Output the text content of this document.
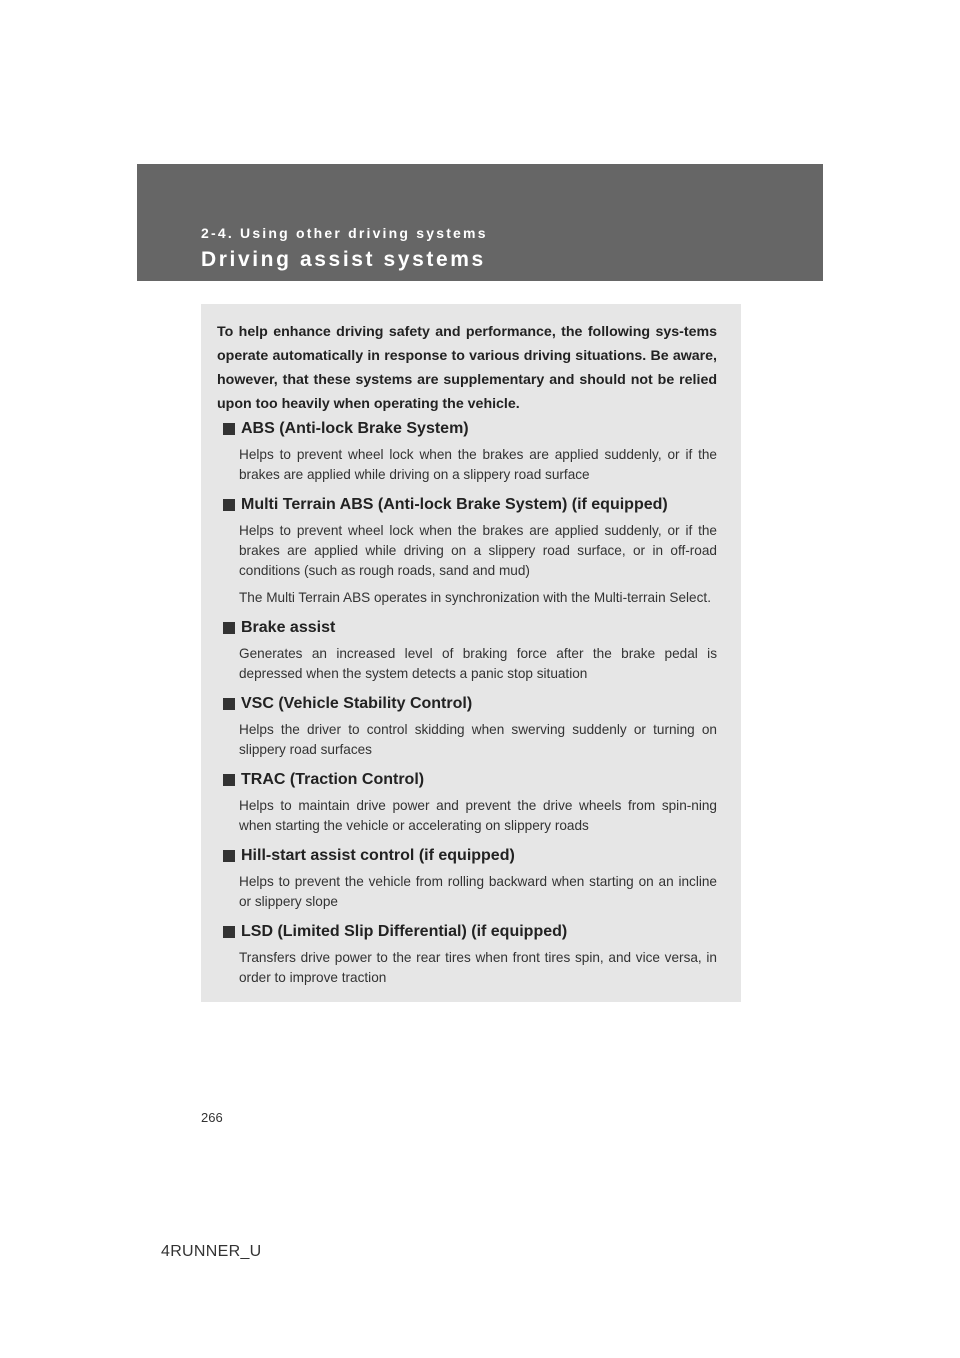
2-4. Using other driving systems
Driving assist systems
To help enhance driving safety and performance, the following sys-tems operate automatically in response to various driving situations. Be aware, however, that these systems are supplementary and should not be relied upon too heavily when operating the vehicle.
ABS (Anti-lock Brake System)

Helps to prevent wheel lock when the brakes are applied suddenly, or if the brakes are applied while driving on a slippery road surface

Multi Terrain ABS (Anti-lock Brake System) (if equipped)

Helps to prevent wheel lock when the brakes are applied suddenly, or if the brakes are applied while driving on a slippery road surface, or in off-road conditions (such as rough roads, sand and mud)

The Multi Terrain ABS operates in synchronization with the Multi-terrain Select.

Brake assist

Generates an increased level of braking force after the brake pedal is depressed when the system detects a panic stop situation

VSC (Vehicle Stability Control)

Helps the driver to control skidding when swerving suddenly or turning on slippery road surfaces

TRAC (Traction Control)

Helps to maintain drive power and prevent the drive wheels from spin-ning when starting the vehicle or accelerating on slippery roads

Hill-start assist control (if equipped)

Helps to prevent the vehicle from rolling backward when starting on an incline or slippery slope

LSD (Limited Slip Differential) (if equipped)

Transfers drive power to the rear tires when front tires spin, and vice versa, in order to improve traction

266
4RUNNER_U
